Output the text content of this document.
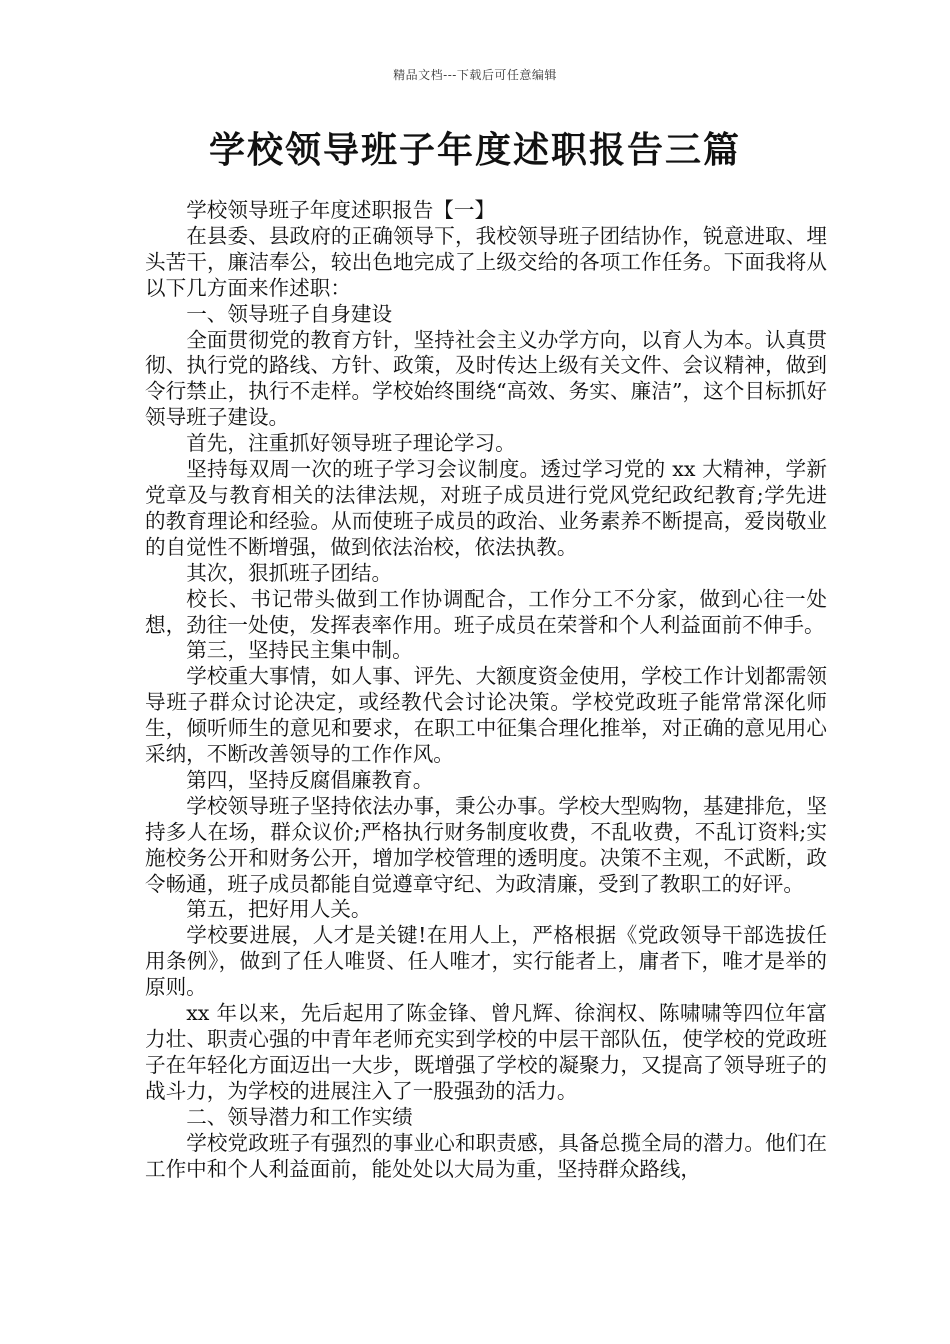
精品文档---下载后可任意编辑
学校领导班子年度述职报告三篇

学校领导班子年度述职报告【一】

在县委、县政府的正确领导下，我校领导班子团结协作，锐意进取、埋头苦干，廉洁奉公，较出色地完成了上级交给的各项工作任务。下面我将从以下几方面来作述职：

一、领导班子自身建设

全面贯彻党的教育方针，坚持社会主义办学方向，以育人为本。认真贯彻、执行党的路线、方针、政策，及时传达上级有关文件、会议精神，做到令行禁止，执行不走样。学校始终围绕“高效、务实、廉洁”，这个目标抓好领导班子建设。

首先，注重抓好领导班子理论学习。

坚持每双周一次的班子学习会议制度。透过学习党的 xx 大精神，学新党章及与教育相关的法律法规，对班子成员进行党风党纪政纪教育;学先进的教育理论和经验。从而使班子成员的政治、业务素养不断提高，爱岗敬业的自觉性不断增强，做到依法治校，依法执教。

其次，狠抓班子团结。

校长、书记带头做到工作协调配合，工作分工不分家，做到心往一处想，劲往一处使，发挥表率作用。班子成员在荣誉和个人利益面前不伸手。

第三，坚持民主集中制。

学校重大事情，如人事、评先、大额度资金使用，学校工作计划都需领导班子群众讨论决定，或经教代会讨论决策。学校党政班子能常常深化师生，倾听师生的意见和要求，在职工中征集合理化推举，对正确的意见用心采纳，不断改善领导的工作作风。

第四，坚持反腐倡廉教育。

学校领导班子坚持依法办事，秉公办事。学校大型购物，基建排危，坚持多人在场，群众议价;严格执行财务制度收费，不乱收费，不乱订资料;实施校务公开和财务公开，增加学校管理的透明度。决策不主观，不武断，政令畅通，班子成员都能自觉遵章守纪、为政清廉，受到了教职工的好评。

第五，把好用人关。

学校要进展，人才是关键!在用人上，严格根据《党政领导干部选拔任用条例》，做到了任人唯贤、任人唯才，实行能者上，庸者下，唯才是举的原则。

xx 年以来，先后起用了陈金锋、曾凡辉、徐润权、陈啸啸等四位年富力壮、职责心强的中青年老师充实到学校的中层干部队伍，使学校的党政班子在年轻化方面迈出一大步，既增强了学校的凝聚力，又提高了领导班子的战斗力，为学校的进展注入了一股强劲的活力。

二、领导潜力和工作实绩

学校党政班子有强烈的事业心和职责感，具备总揽全局的潜力。他们在工作中和个人利益面前，能处处以大局为重，坚持群众路线，
